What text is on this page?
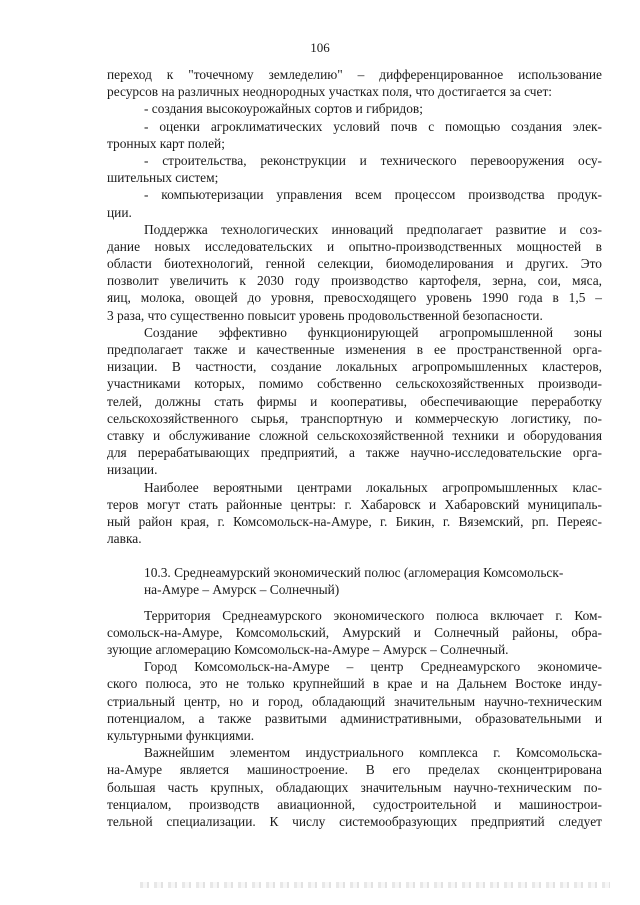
106
переход к "точечному земледелию" – дифференцированное использование
ресурсов на различных неоднородных участках поля, что достигается за счет:
- создания высокоурожайных сортов и гибридов;
- оценки агроклиматических условий почв с помощью создания элек-
тронных карт полей;
- строительства, реконструкции и технического перевооружения осу-
шительных систем;
- компьютеризации управления всем процессом производства продук-
ции.
Поддержка технологических инноваций предполагает развитие и соз-
дание новых исследовательских и опытно-производственных мощностей в
области биотехнологий, генной селекции, биомоделирования и других. Это
позволит увеличить к 2030 году производство картофеля, зерна, сои, мяса,
яиц, молока, овощей до уровня, превосходящего уровень 1990 года в 1,5 –
3 раза, что существенно повысит уровень продовольственной безопасности.
Создание эффективно функционирующей агропромышленной зоны
предполагает также и качественные изменения в ее пространственной орга-
низации. В частности, создание локальных агропромышленных кластеров,
участниками которых, помимо собственно сельскохозяйственных производи-
телей, должны стать фирмы и кооперативы, обеспечивающие переработку
сельскохозяйственного сырья, транспортную и коммерческую логистику, по-
ставку и обслуживание сложной сельскохозяйственной техники и оборудования
для перерабатывающих предприятий, а также научно-исследовательские орга-
низации.
Наиболее вероятными центрами локальных агропромышленных клас-
теров могут стать районные центры: г. Хабаровск и Хабаровский муниципаль-
ный район края, г. Комсомольск-на-Амуре, г. Бикин, г. Вяземский, рп. Переяс-
лавка.
10.3. Среднеамурский экономический полюс (агломерация Комсомольск-
на-Амуре – Амурск – Солнечный)
Территория Среднеамурского экономического полюса включает г. Ком-
сомольск-на-Амуре, Комсомольский, Амурский и Солнечный районы, обра-
зующие агломерацию Комсомольск-на-Амуре – Амурск – Солнечный.
Город Комсомольск-на-Амуре – центр Среднеамурского экономиче-
ского полюса, это не только крупнейший в крае и на Дальнем Востоке инду-
стриальный центр, но и город, обладающий значительным научно-техническим
потенциалом, а также развитыми административными, образовательными и
культурными функциями.
Важнейшим элементом индустриального комплекса г. Комсомольска-
на-Амуре является машиностроение. В его пределах сконцентрирована
большая часть крупных, обладающих значительным научно-техническим по-
тенциалом, производств авиационной, судостроительной и машинострои-
тельной специализации. К числу системообразующих предприятий следует
